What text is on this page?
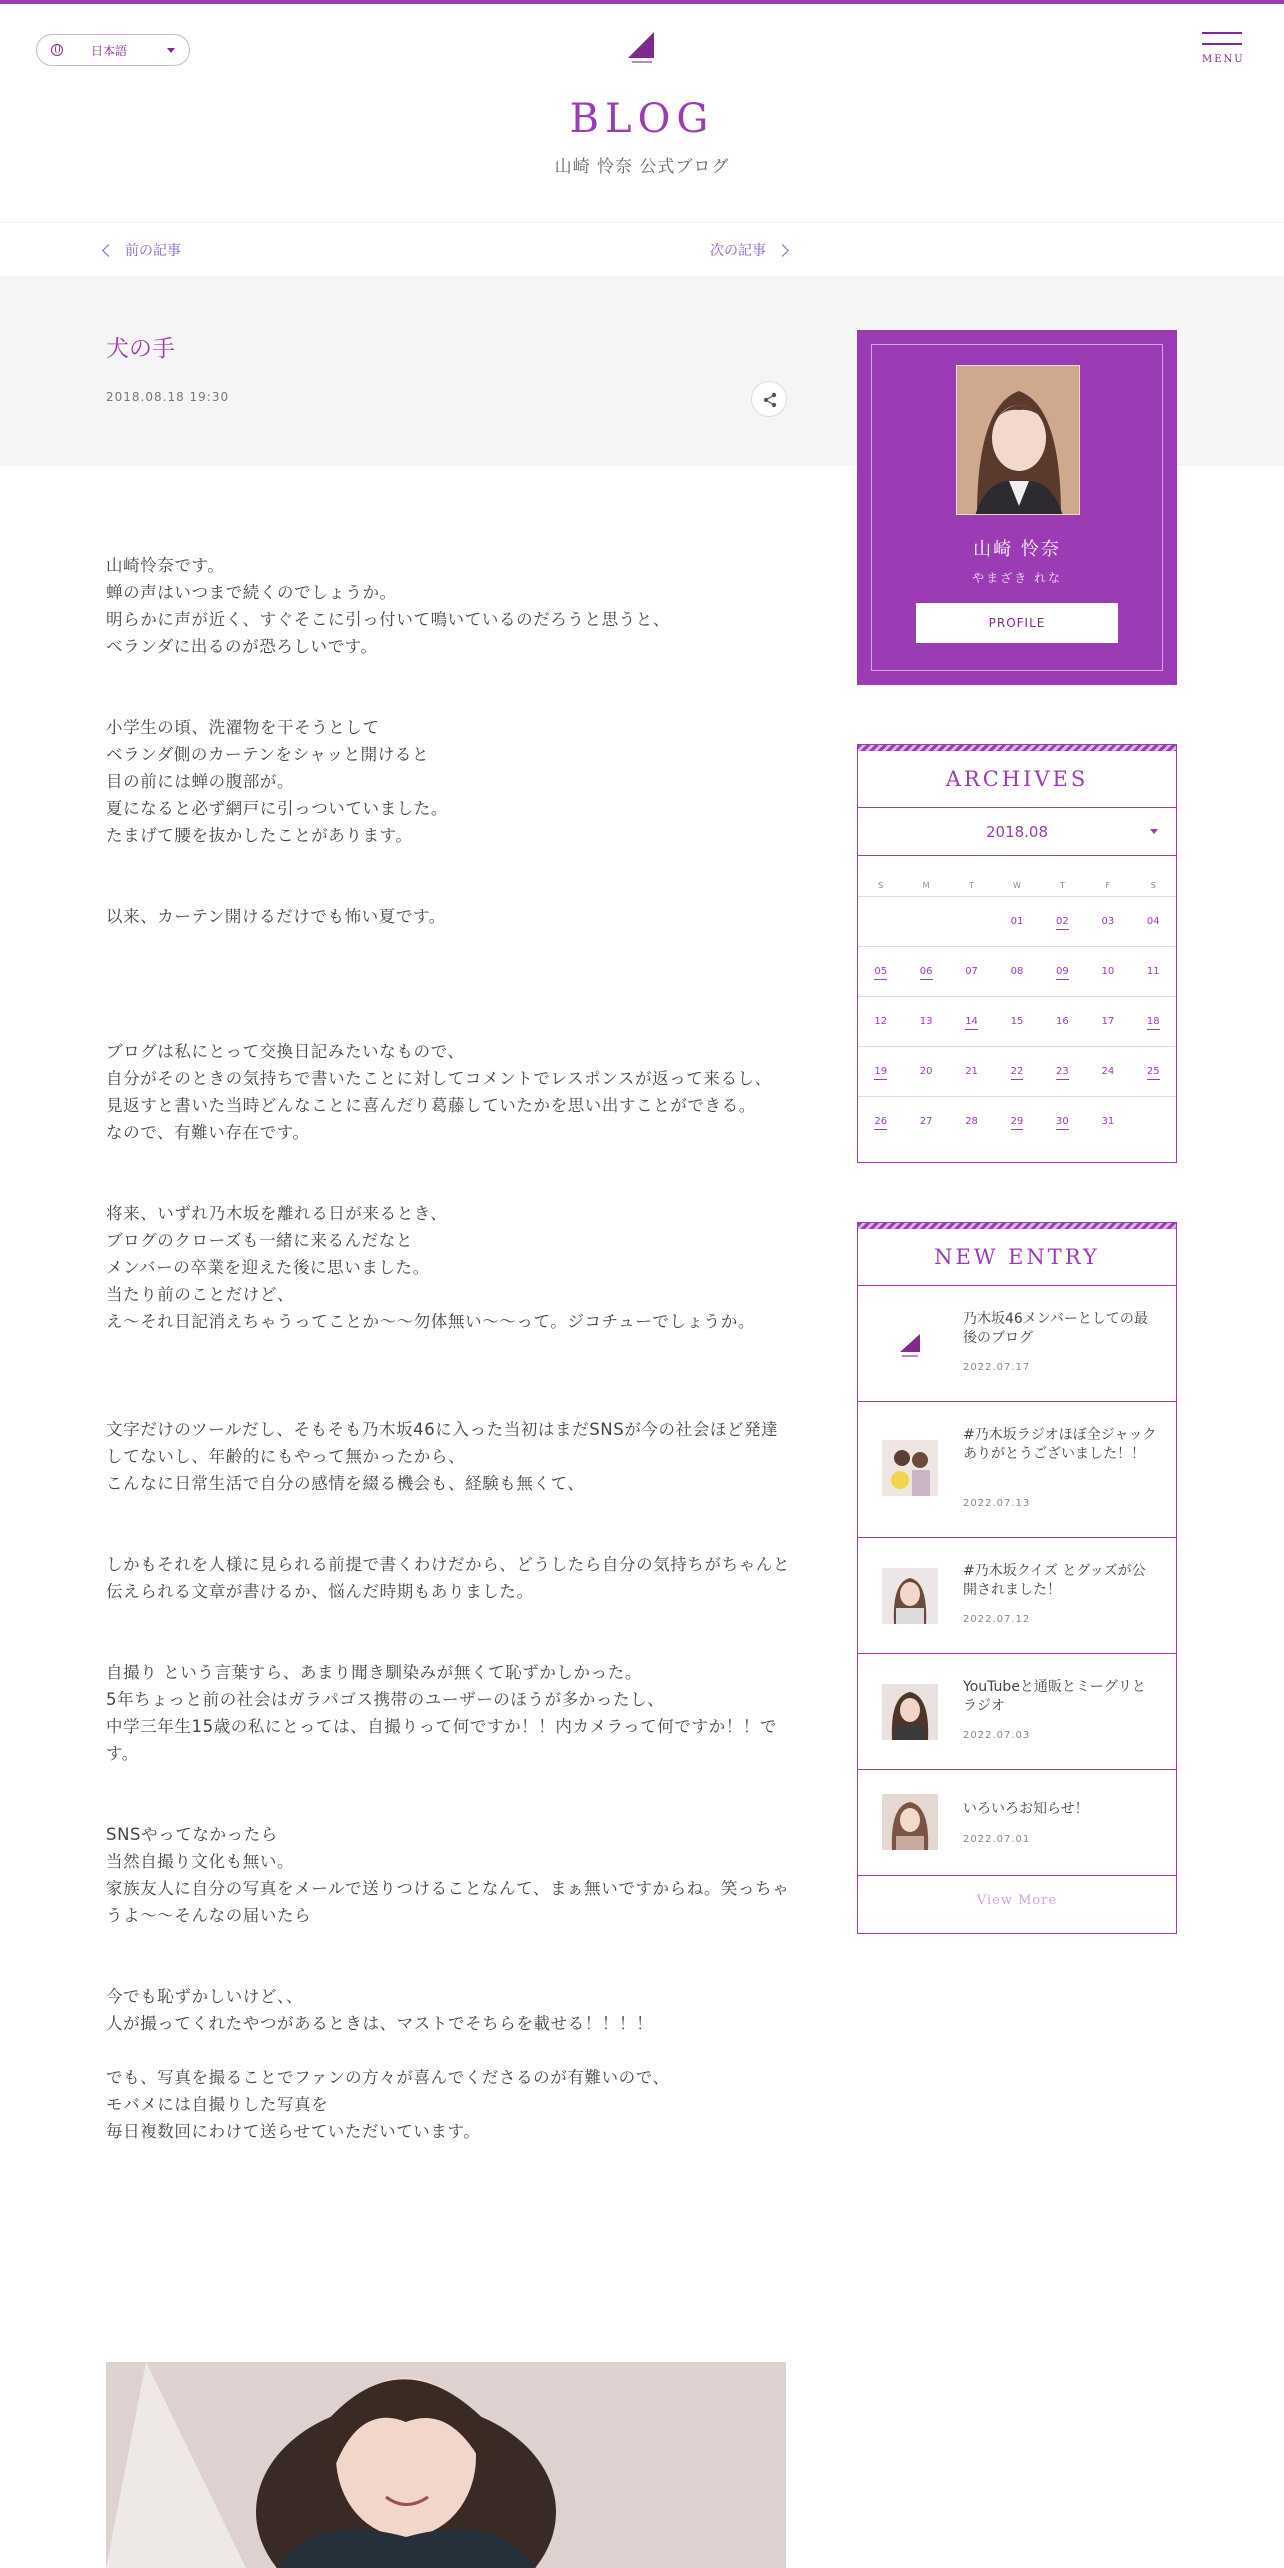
日本語
MENU
BLOG
山崎 怜奈 公式ブログ
前の記事	次の記事
犬の手
2018.08.18 19:30

山崎怜奈です。
蝉の声はいつまで続くのでしょうか。
明らかに声が近く、すぐそこに引っ付いて鳴いているのだろうと思うと、
ベランダに出るのが恐ろしいです。

小学生の頃、洗濯物を干そうとして
ベランダ側のカーテンをシャッと開けると
目の前には蝉の腹部が。
夏になると必ず網戸に引っついていました。
たまげて腰を抜かしたことがあります。

以来、カーテン開けるだけでも怖い夏です。

ブログは私にとって交換日記みたいなもので、
自分がそのときの気持ちで書いたことに対してコメントでレスポンスが返って来るし、
見返すと書いた当時どんなことに喜んだり葛藤していたかを思い出すことができる。
なので、有難い存在です。

将来、いずれ乃木坂を離れる日が来るとき、
ブログのクローズも一緒に来るんだなと
メンバーの卒業を迎えた後に思いました。
当たり前のことだけど、
え〜それ日記消えちゃうってことか〜〜勿体無い〜〜って。ジコチューでしょうか。

文字だけのツールだし、そもそも乃木坂46に入った当初はまだSNSが今の社会ほど発達してないし、年齢的にもやって無かったから、
こんなに日常生活で自分の感情を綴る機会も、経験も無くて、

しかもそれを人様に見られる前提で書くわけだから、どうしたら自分の気持ちがちゃんと伝えられる文章が書けるか、悩んだ時期もありました。

自撮り という言葉すら、あまり聞き馴染みが無くて恥ずかしかった。
5年ちょっと前の社会はガラパゴス携帯のユーザーのほうが多かったし、
中学三年生15歳の私にとっては、自撮りって何ですか！！内カメラって何ですか！！です。

SNSやってなかったら
当然自撮り文化も無い。
家族友人に自分の写真をメールで送りつけることなんて、まぁ無いですからね。笑っちゃうよ〜〜そんなの届いたら

今でも恥ずかしいけど、、
人が撮ってくれたやつがあるときは、マストでそちらを載せる！！！！

でも、写真を撮ることでファンの方々が喜んでくださるのが有難いので、
モバメには自撮りした写真を
毎日複数回にわけて送らせていただいています。

山崎 怜奈
やまざき れな
PROFILE
ARCHIVES
2018.08
S	M	T	W	T	F	S
			01	02	03	04
05	06	07	08	09	10	11
12	13	14	15	16	17	18
19	20	21	22	23	24	25
26	27	28	29	30	31	
NEW ENTRY
乃木坂46メンバーとしての最後のブログ
2022.07.17
#乃木坂ラジオほぼ全ジャック ありがとうございました！！
2022.07.13
#乃木坂クイズ とグッズが公開されました！
2022.07.12
YouTubeと通販とミーグリとラジオ
2022.07.03
いろいろお知らせ！
2022.07.01
View More
